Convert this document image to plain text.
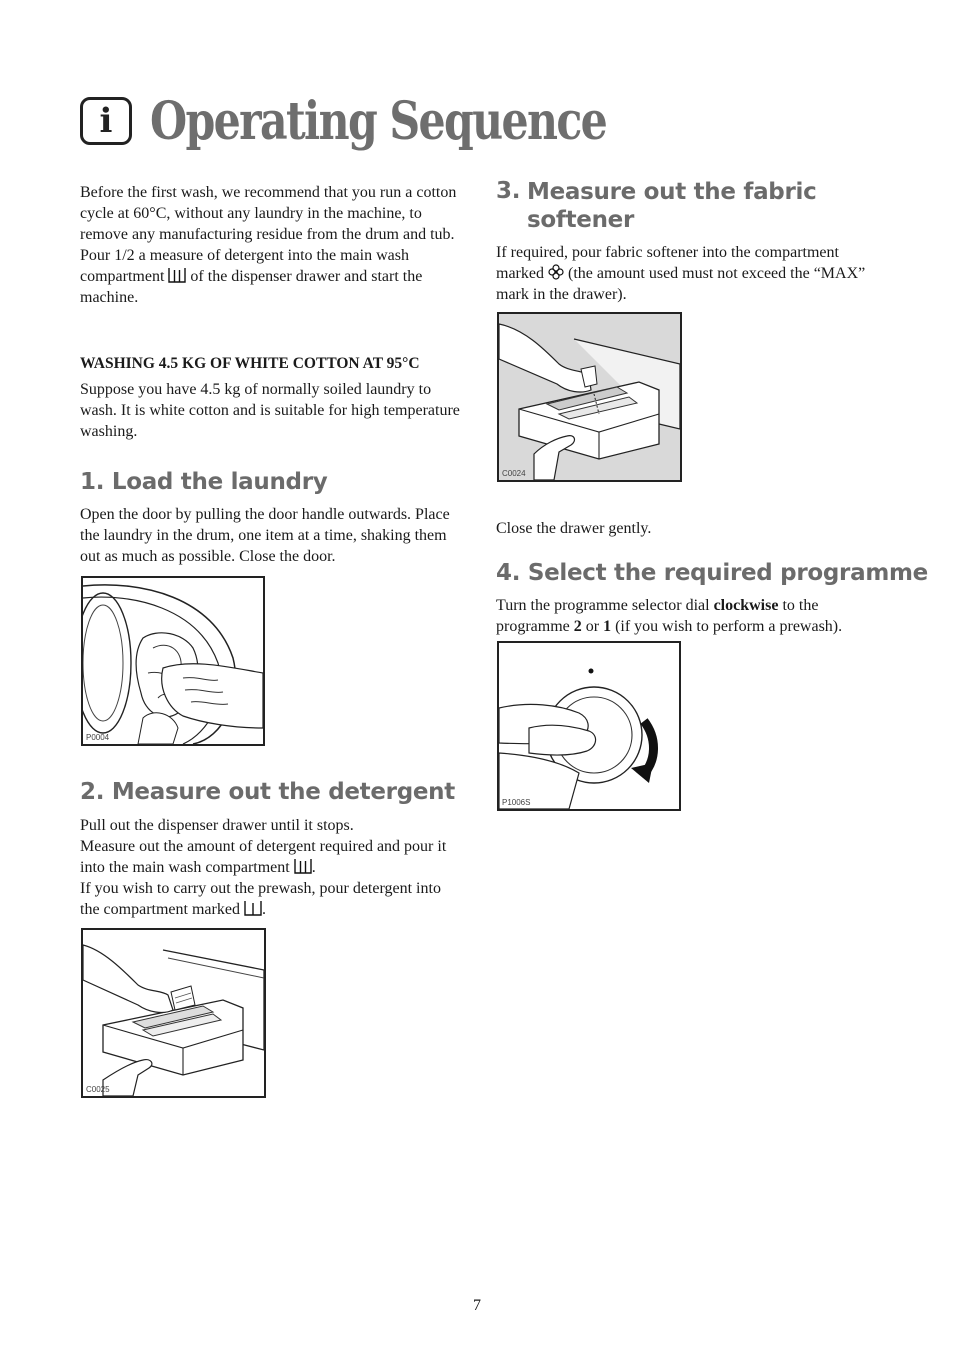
i Operating Sequence

Before the first wash, we recommend that you run a cotton cycle at 60°C, without any laundry in the machine, to remove any manufacturing residue from the drum and tub.

Pour 1/2 a measure of detergent into the main wash compartment of the dispenser drawer and start the machine.

WASHING 4.5 KG OF WHITE COTTON AT 95°C

Suppose you have 4.5 kg of normally soiled laundry to wash. It is white cotton and is suitable for high temperature washing.

1. Load the laundry

Open the door by pulling the door handle outwards. Place the laundry in the drum, one item at a time, shaking them out as much as possible. Close the door.

P0004
2. Measure out the detergent

Pull out the dispenser drawer until it stops.

Measure out the amount of detergent required and pour it into the main wash compartment .

If you wish to carry out the prewash, pour detergent into the compartment marked .

C0025
3. Measure out the fabric softener

If required, pour fabric softener into the compartment marked (the amount used must not exceed the “MAX” mark in the drawer).

C0024

Close the drawer gently.

4. Select the required programme

Turn the programme selector dial clockwise to the programme 2 or 1 (if you wish to perform a prewash).

P1006S
7
